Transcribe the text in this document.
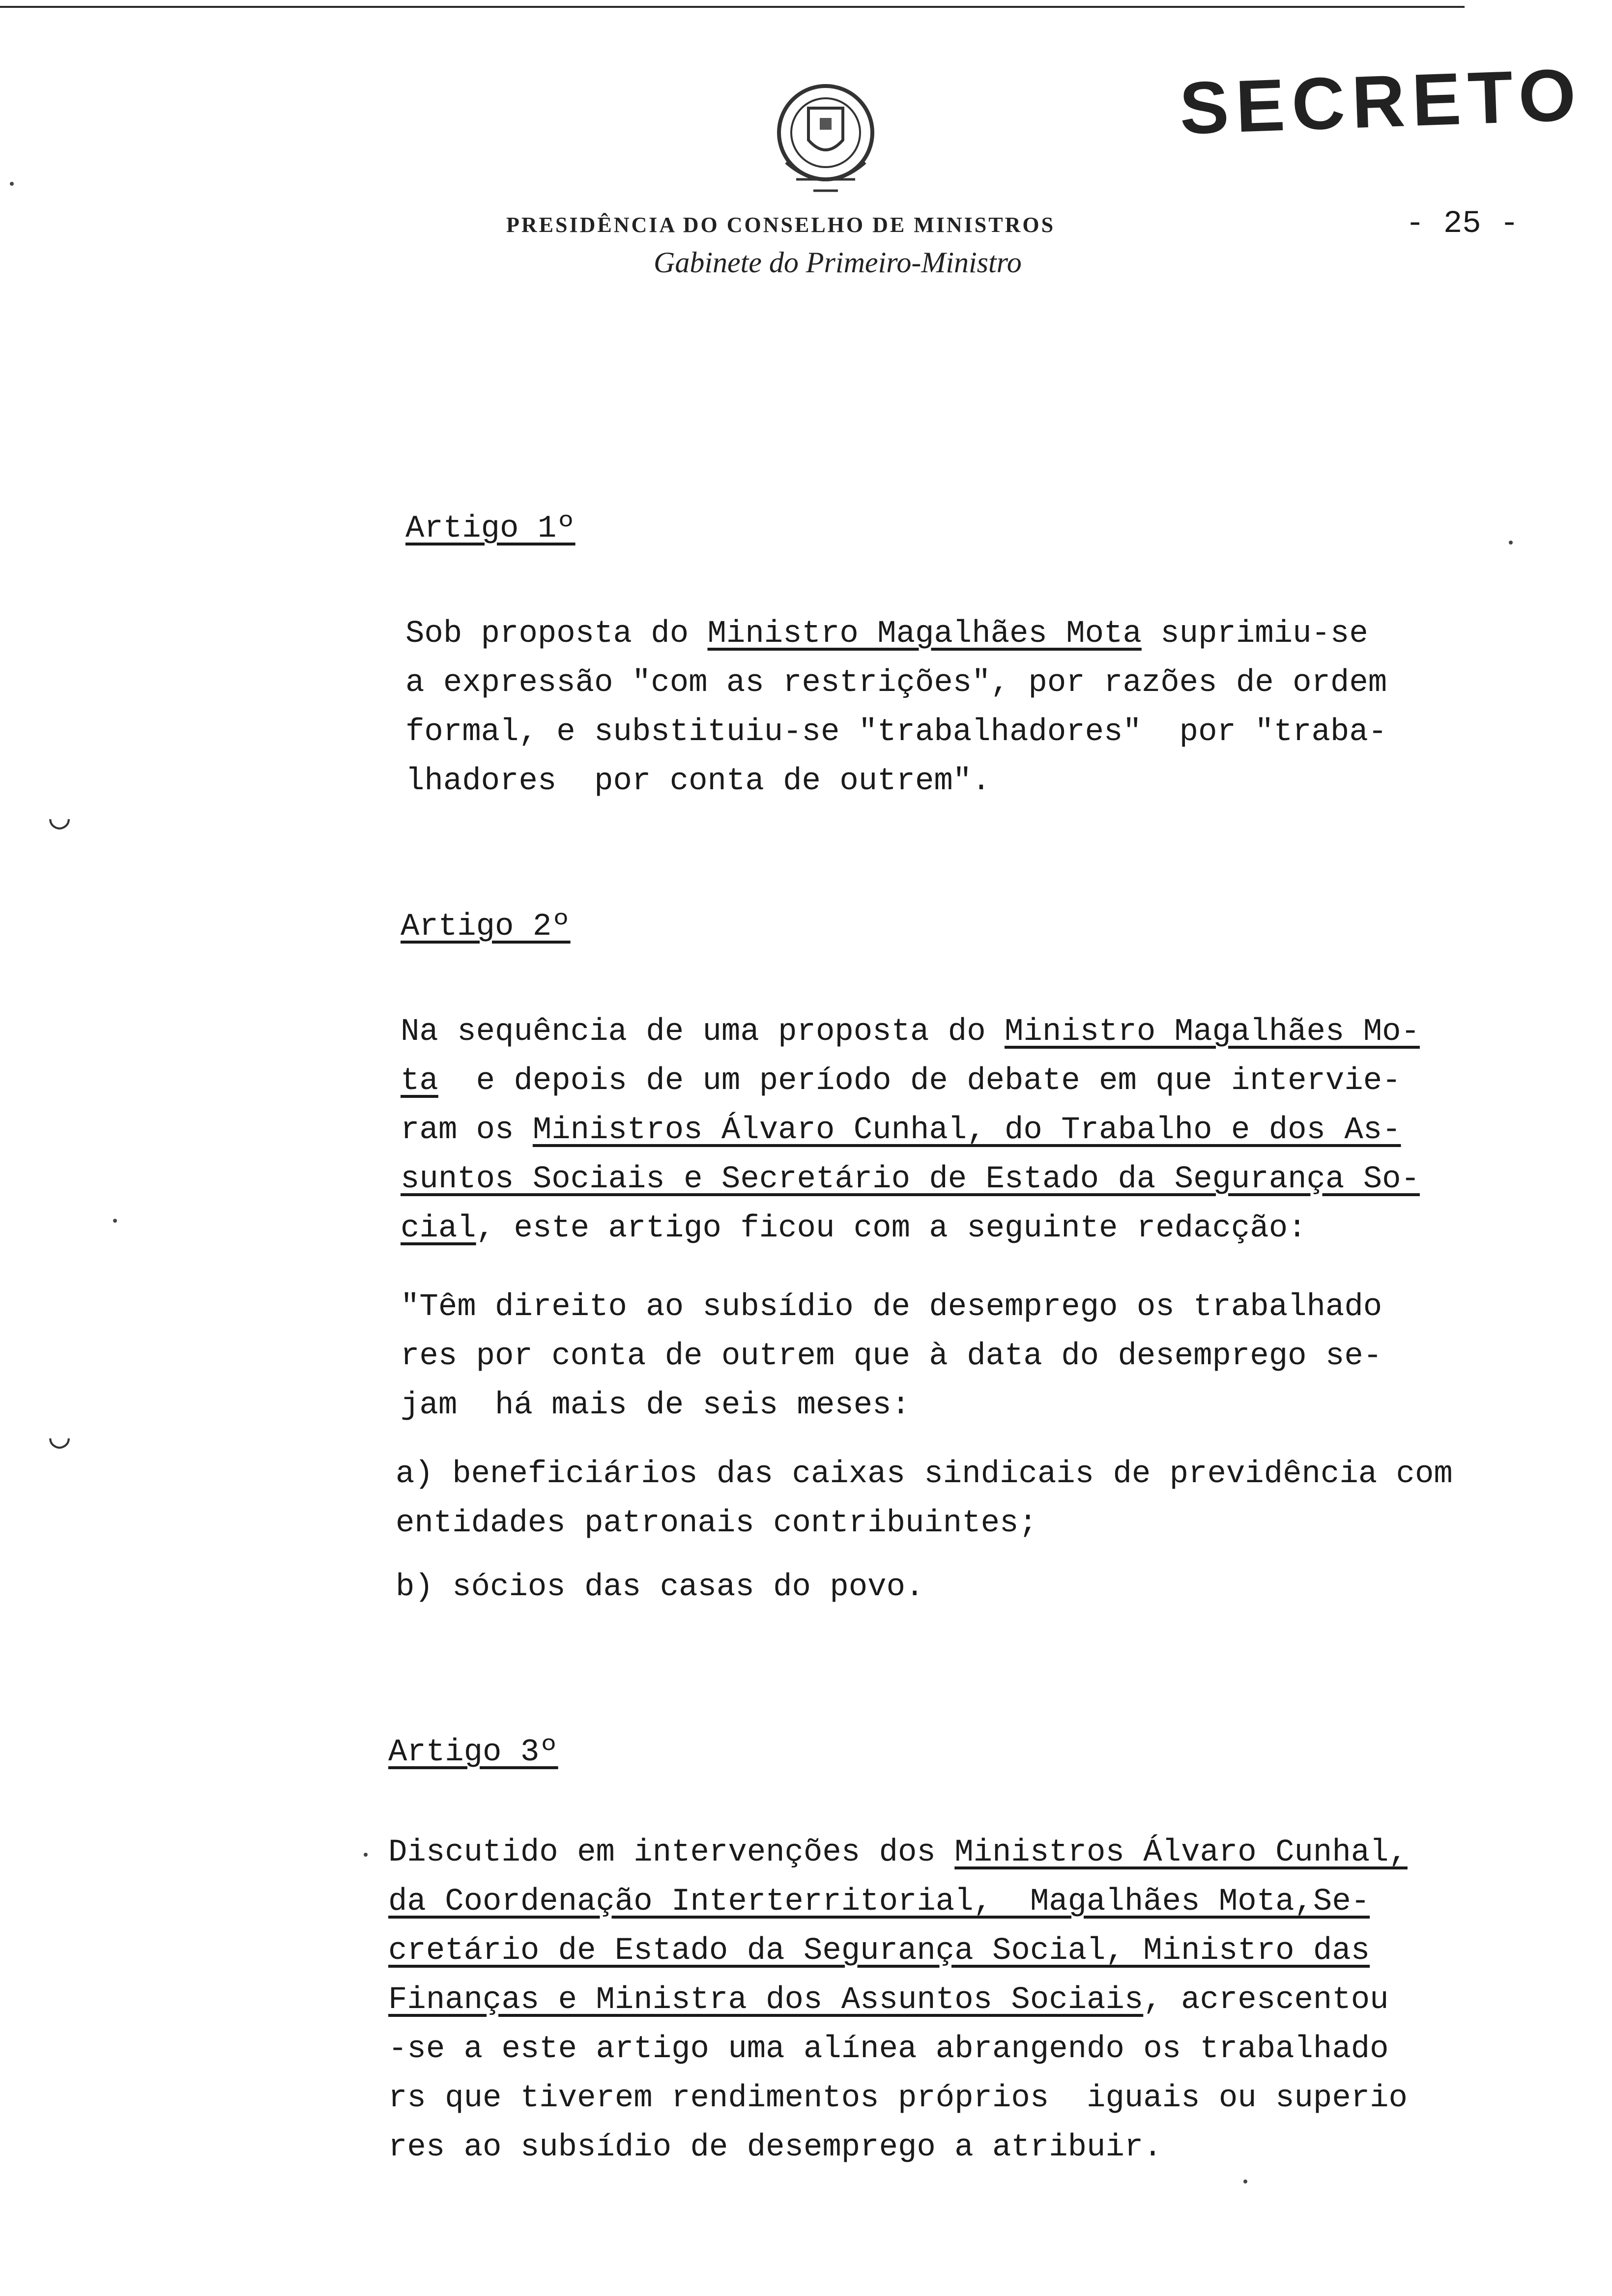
SECRETO
PRESIDÊNCIA DO CONSELHO DE MINISTROS	- 25 -
Gabinete do Primeiro-Ministro
Artigo 1º
Sob proposta do Ministro Magalhães Mota suprimiu-se
a expressão "com as restrições", por razões de ordem
formal, e substituiu-se "trabalhadores"  por "traba-
lhadores  por conta de outrem".
Artigo 2º
Na sequência de uma proposta do Ministro Magalhães Mo-
ta  e depois de um período de debate em que intervie-
ram os Ministros Álvaro Cunhal, do Trabalho e dos As-
suntos Sociais e Secretário de Estado da Segurança So-
cial, este artigo ficou com a seguinte redacção:
"Têm direito ao subsídio de desemprego os trabalhado
res por conta de outrem que à data do desemprego se-
jam  há mais de seis meses:
a) beneficiários das caixas sindicais de previdência com
entidades patronais contribuintes;
b) sócios das casas do povo.
Artigo 3º
Discutido em intervenções dos Ministros Álvaro Cunhal,
da Coordenação Interterritorial,  Magalhães Mota,Se-
cretário de Estado da Segurança Social, Ministro das
Finanças e Ministra dos Assuntos Sociais, acrescentou
-se a este artigo uma alínea abrangendo os trabalhado
rs que tiverem rendimentos próprios  iguais ou superio
res ao subsídio de desemprego a atribuir.
◡
◡
